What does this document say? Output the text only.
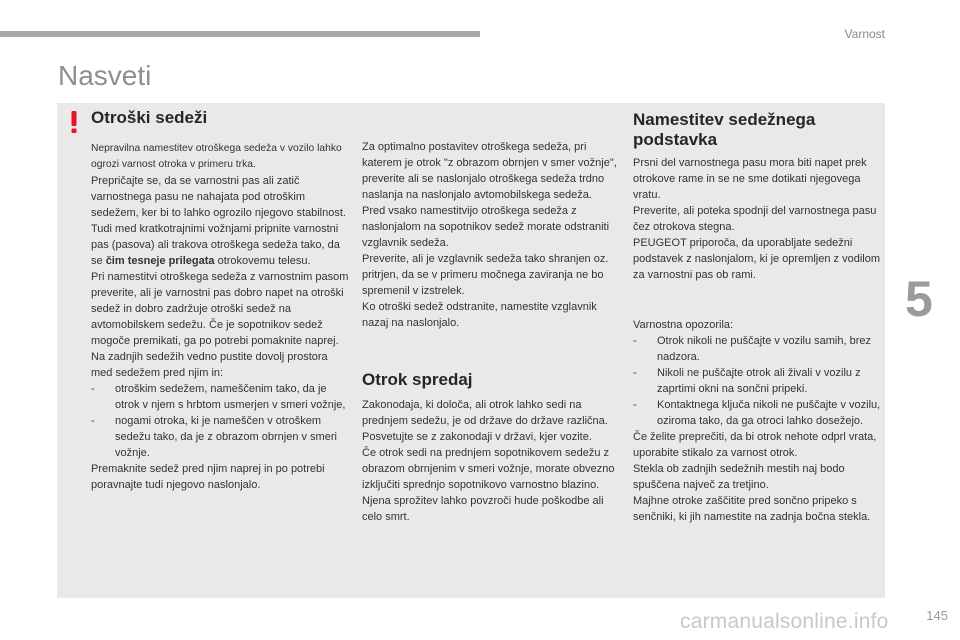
Varnost
Nasveti
Otroški sedeži

Nepravilna namestitev otroškega sedeža v vozilo lahko ogrozi varnost otroka v primeru trka.

Prepričajte se, da se varnostni pas ali zatič varnostnega pasu ne nahajata pod otroškim sedežem, ker bi to lahko ogrozilo njegovo stabilnost.

Tudi med kratkotrajnimi vožnjami pripnite varnostni pas (pasova) ali trakova otroškega sedeža tako, da se čim tesneje prilegata otrokovemu telesu.

Pri namestitvi otroškega sedeža z varnostnim pasom preverite, ali je varnostni pas dobro napet na otroški sedež in dobro zadržuje otroški sedež na avtomobilskem sedežu. Če je sopotnikov sedež mogoče premikati, ga po potrebi pomaknite naprej.

Na zadnjih sedežih vedno pustite dovolj prostora med sedežem pred njim in:

- otroškim sedežem, nameščenim tako, da je otrok v njem s hrbtom usmerjen v smeri vožnje,

- nogami otroka, ki je nameščen v otroškem sedežu tako, da je z obrazom obrnjen v smeri vožnje.

Premaknite sedež pred njim naprej in po potrebi poravnajte tudi njegovo naslonjalo.

Za optimalno postavitev otroškega sedeža, pri katerem je otrok "z obrazom obrnjen v smer vožnje", preverite ali se naslonjalo otroškega sedeža trdno naslanja na naslonjalo avtomobilskega sedeža.

Pred vsako namestitvijo otroškega sedeža z naslonjalom na sopotnikov sedež morate odstraniti vzglavnik sedeža.

Preverite, ali je vzglavnik sedeža tako shranjen oz. pritrjen, da se v primeru močnega zaviranja ne bo spremenil v izstrelek.

Ko otroški sedež odstranite, namestite vzglavnik nazaj na naslonjalo.

Otrok spredaj

Zakonodaja, ki določa, ali otrok lahko sedi na prednjem sedežu, je od države do države različna. Posvetujte se z zakonodaji v državi, kjer vozite.

Če otrok sedi na prednjem sopotnikovem sedežu z obrazom obrnjenim v smeri vožnje, morate obvezno izključiti sprednjo sopotnikovo varnostno blazino. Njena sprožitev lahko povzroči hude poškodbe ali celo smrt.

Namestitev sedežnega podstavka

Prsni del varnostnega pasu mora biti napet prek otrokove rame in se ne sme dotikati njegovega vratu.

Preverite, ali poteka spodnji del varnostnega pasu čez otrokova stegna.

PEUGEOT priporoča, da uporabljate sedežni podstavek z naslonjalom, ki je opremljen z vodilom za varnostni pas ob rami.

Varnostna opozorila:

- Otrok nikoli ne puščajte v vozilu samih, brez nadzora.

- Nikoli ne puščajte otrok ali živali v vozilu z zaprtimi okni na sončni pripeki.

- Kontaktnega ključa nikoli ne puščajte v vozilu, oziroma tako, da ga otroci lahko dosežejo.

Če želite preprečiti, da bi otrok nehote odprl vrata, uporabite stikalo za varnost otrok.

Stekla ob zadnjih sedežnih mestih naj bodo spuščena največ za tretjino.

Majhne otroke zaščitite pred sončno pripeko s senčniki, ki jih namestite na zadnja bočna stekla.

5
carmanualsonline.info	145
